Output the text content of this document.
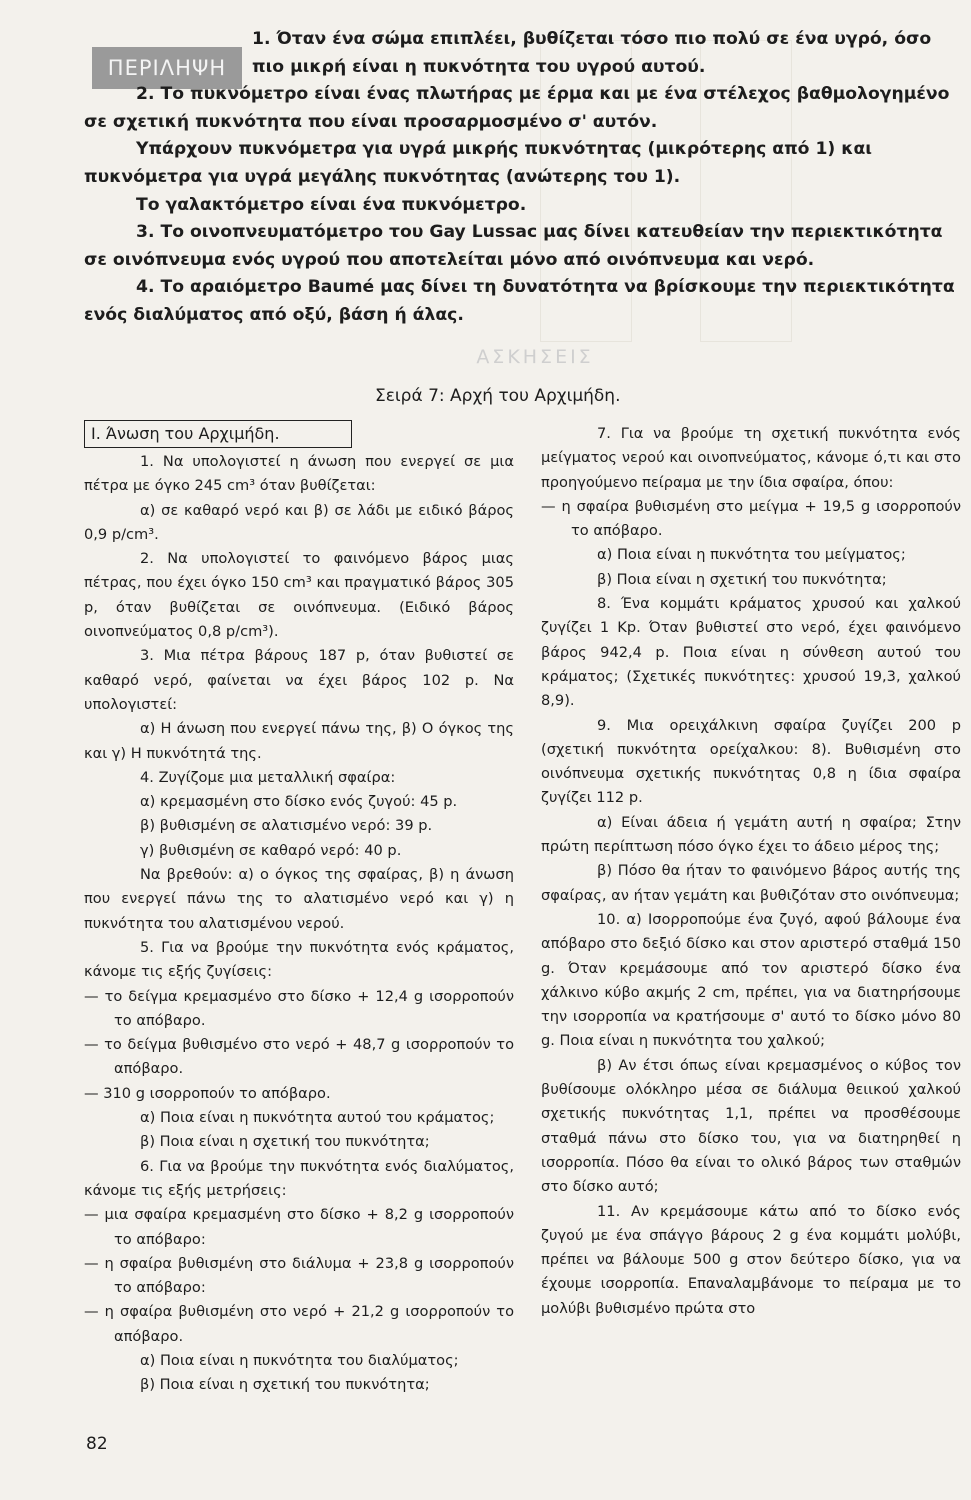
ΠΕΡΙΛΗΨΗ

1. Όταν ένα σώμα επιπλέει, βυθίζεται τόσο πιο πολύ σε ένα υγρό, όσο πιο μικρή είναι η πυκνότητα του υγρού αυτού.

2. Το πυκνόμετρο είναι ένας πλωτήρας με έρμα και με ένα στέλεχος βαθμολογημένο σε σχετική πυκνότητα που είναι προσαρμοσμένο σ' αυτόν.

Υπάρχουν πυκνόμετρα για υγρά μικρής πυκνότητας (μικρότερης από 1) και πυκνόμετρα για υγρά μεγάλης πυκνότητας (ανώτερης του 1).

Το γαλακτόμετρο είναι ένα πυκνόμετρο.

3. Το οινοπνευματόμετρο του Gay Lussac μας δίνει κατευθείαν την περιεκτικότητα σε οινόπνευμα ενός υγρού που αποτελείται μόνο από οινόπνευμα και νερό.

4. Το αραιόμετρο Baumé μας δίνει τη δυνατότητα να βρίσκουμε την περιεκτικότητα ενός διαλύματος από οξύ, βάση ή άλας.

ΑΣΚΗΣΕΙΣ
Σειρά 7: Αρχή του Αρχιμήδη.
I. Άνωση του Αρχιμήδη.

1. Να υπολογιστεί η άνωση που ενεργεί σε μια πέτρα με όγκο 245 cm³ όταν βυθίζεται:

α) σε καθαρό νερό και β) σε λάδι με ειδικό βάρος 0,9 p/cm³.

2. Να υπολογιστεί το φαινόμενο βάρος μιας πέτρας, που έχει όγκο 150 cm³ και πραγματικό βάρος 305 p, όταν βυθίζεται σε οινόπνευμα. (Ειδικό βάρος οινοπνεύματος 0,8 p/cm³).

3. Μια πέτρα βάρους 187 p, όταν βυθιστεί σε καθαρό νερό, φαίνεται να έχει βάρος 102 p. Να υπολογιστεί:

α) Η άνωση που ενεργεί πάνω της, β) Ο όγκος της και γ) Η πυκνότητά της.

4. Ζυγίζομε μια μεταλλική σφαίρα:

α) κρεμασμένη στο δίσκο ενός ζυγού: 45 p.

β) βυθισμένη σε αλατισμένο νερό: 39 p.

γ) βυθισμένη σε καθαρό νερό: 40 p.

Να βρεθούν: α) ο όγκος της σφαίρας, β) η άνωση που ενεργεί πάνω της το αλατισμένο νερό και γ) η πυκνότητα του αλατισμένου νερού.

5. Για να βρούμε την πυκνότητα ενός κράματος, κάνομε τις εξής ζυγίσεις:

— το δείγμα κρεμασμένο στο δίσκο + 12,4 g ισορροπούν το απόβαρο.

— το δείγμα βυθισμένο στο νερό + 48,7 g ισορροπούν το απόβαρο.

— 310 g ισορροπούν το απόβαρο.

α) Ποια είναι η πυκνότητα αυτού του κράματος;

β) Ποια είναι η σχετική του πυκνότητα;

6. Για να βρούμε την πυκνότητα ενός διαλύματος, κάνομε τις εξής μετρήσεις:

— μια σφαίρα κρεμασμένη στο δίσκο + 8,2 g ισορροπούν το απόβαρο:

— η σφαίρα βυθισμένη στο διάλυμα + 23,8 g ισορροπούν το απόβαρο:

— η σφαίρα βυθισμένη στο νερό + 21,2 g ισορροπούν το απόβαρο.

α) Ποια είναι η πυκνότητα του διαλύματος;

β) Ποια είναι η σχετική του πυκνότητα;

7. Για να βρούμε τη σχετική πυκνότητα ενός μείγματος νερού και οινοπνεύματος, κάνομε ό,τι και στο προηγούμενο πείραμα με την ίδια σφαίρα, όπου:

— η σφαίρα βυθισμένη στο μείγμα + 19,5 g ισορροπούν το απόβαρο.

α) Ποια είναι η πυκνότητα του μείγματος;

β) Ποια είναι η σχετική του πυκνότητα;

8. Ένα κομμάτι κράματος χρυσού και χαλκού ζυγίζει 1 Kp. Όταν βυθιστεί στο νερό, έχει φαινόμενο βάρος 942,4 p. Ποια είναι η σύνθεση αυτού του κράματος; (Σχετικές πυκνότητες: χρυσού 19,3, χαλκού 8,9).

9. Μια ορειχάλκινη σφαίρα ζυγίζει 200 p (σχετική πυκνότητα ορείχαλκου: 8). Βυθισμένη στο οινόπνευμα σχετικής πυκνότητας 0,8 η ίδια σφαίρα ζυγίζει 112 p.

α) Είναι άδεια ή γεμάτη αυτή η σφαίρα; Στην πρώτη περίπτωση πόσο όγκο έχει το άδειο μέρος της;

β) Πόσο θα ήταν το φαινόμενο βάρος αυτής της σφαίρας, αν ήταν γεμάτη και βυθιζόταν στο οινόπνευμα;

10. α) Ισορροπούμε ένα ζυγό, αφού βάλουμε ένα απόβαρο στο δεξιό δίσκο και στον αριστερό σταθμά 150 g. Όταν κρεμάσουμε από τον αριστερό δίσκο ένα χάλκινο κύβο ακμής 2 cm, πρέπει, για να διατηρήσουμε την ισορροπία να κρατήσουμε σ' αυτό το δίσκο μόνο 80 g. Ποια είναι η πυκνότητα του χαλκού;

β) Αν έτσι όπως είναι κρεμασμένος ο κύβος τον βυθίσουμε ολόκληρο μέσα σε διάλυμα θειικού χαλκού σχετικής πυκνότητας 1,1, πρέπει να προσθέσουμε σταθμά πάνω στο δίσκο του, για να διατηρηθεί η ισορροπία. Πόσο θα είναι το ολικό βάρος των σταθμών στο δίσκο αυτό;

11. Αν κρεμάσουμε κάτω από το δίσκο ενός ζυγού με ένα σπάγγο βάρους 2 g ένα κομμάτι μολύβι, πρέπει να βάλουμε 500 g στον δεύτερο δίσκο, για να έχουμε ισορροπία. Επαναλαμβάνομε το πείραμα με το μολύβι βυθισμένο πρώτα στο

82
